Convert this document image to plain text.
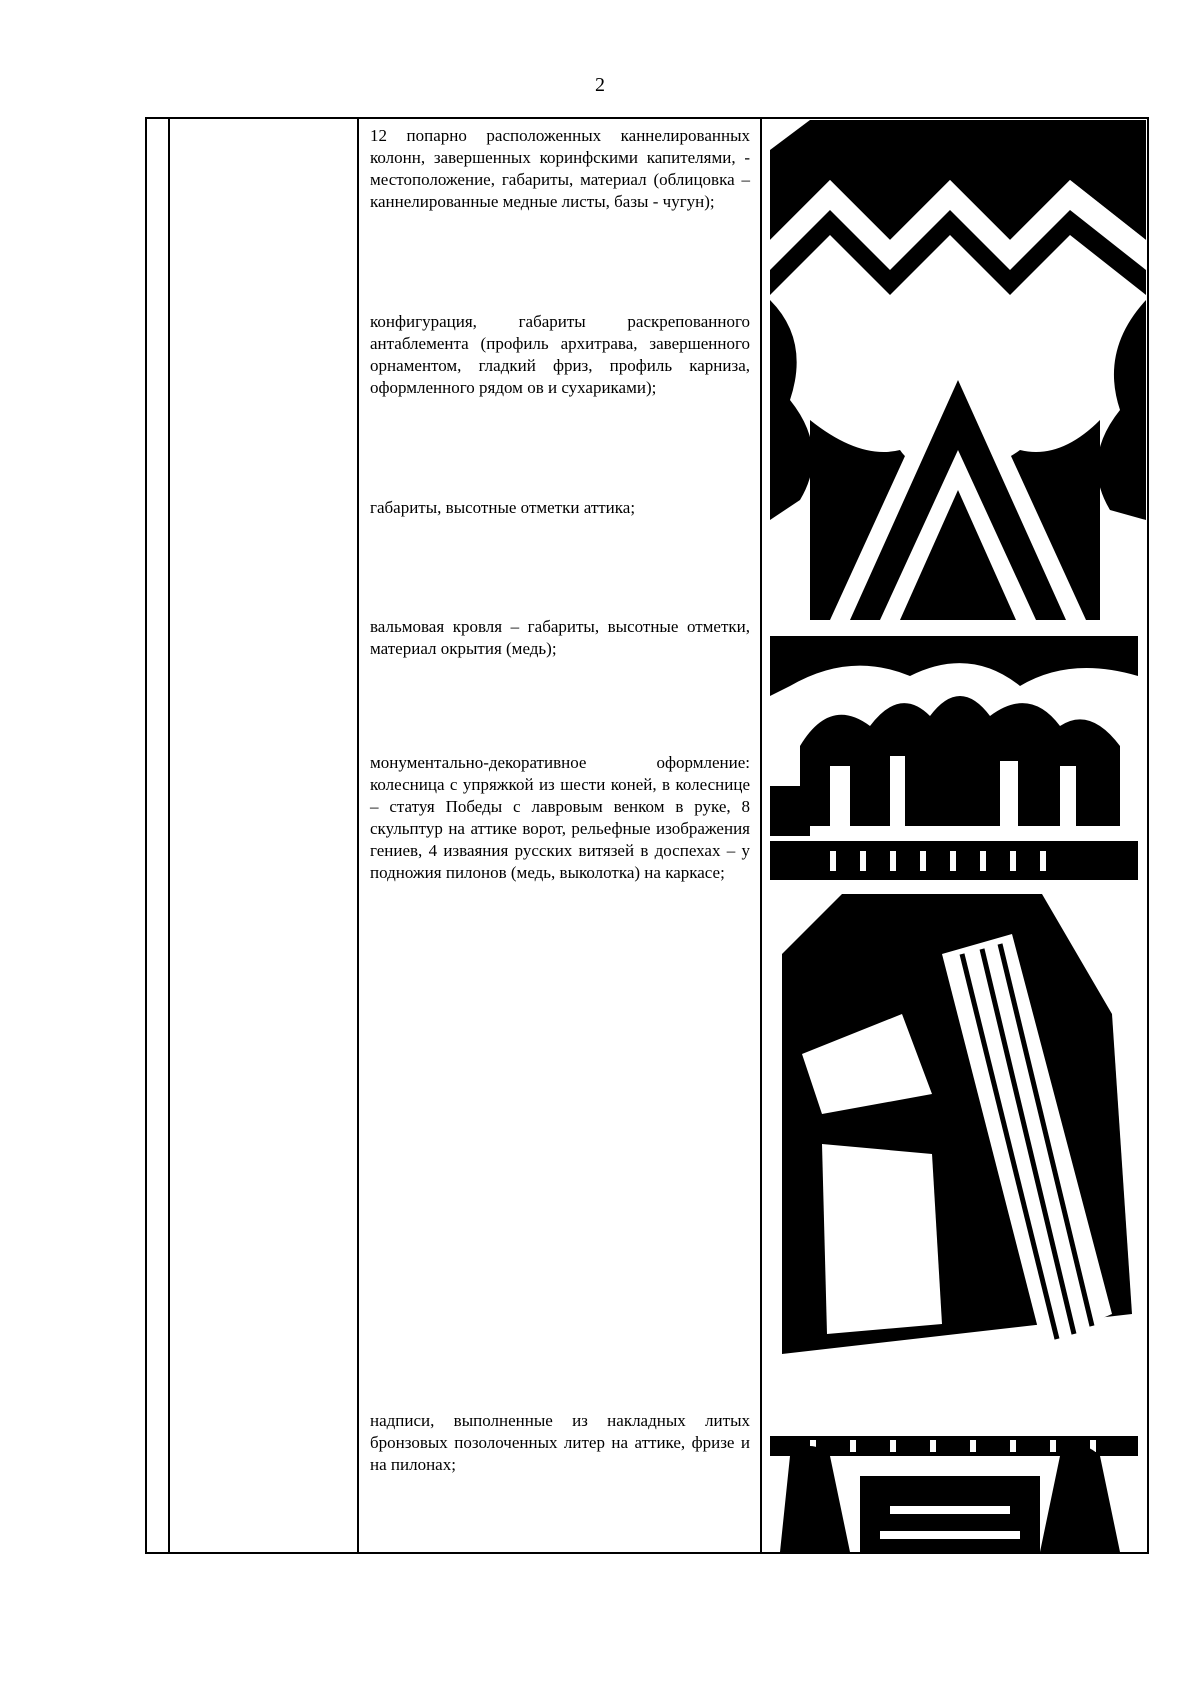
2
12 попарно расположенных каннелированных колонн, завершенных коринфскими капителями, - местоположение, габариты, материал (облицовка – каннелированные медные листы, базы - чугун);
конфигурация, габариты раскрепованного антаблемента (профиль архитрава, завершенного орнаментом, гладкий фриз, профиль карниза, оформленного рядом ов и сухариками);
габариты, высотные отметки аттика;
вальмовая кровля – габариты, высотные отметки, материал окрытия (медь);
монументально-декоративное оформление: колесница с упряжкой из шести коней, в колеснице – статуя Победы с лавровым венком в руке, 8 скульптур на аттике ворот, рельефные изображения гениев, 4 изваяния русских витязей в доспехах – у подножия пилонов (медь, выколотка) на каркасе;
надписи, выполненные из накладных литых бронзовых позолоченных литер на аттике, фризе и на пилонах;
